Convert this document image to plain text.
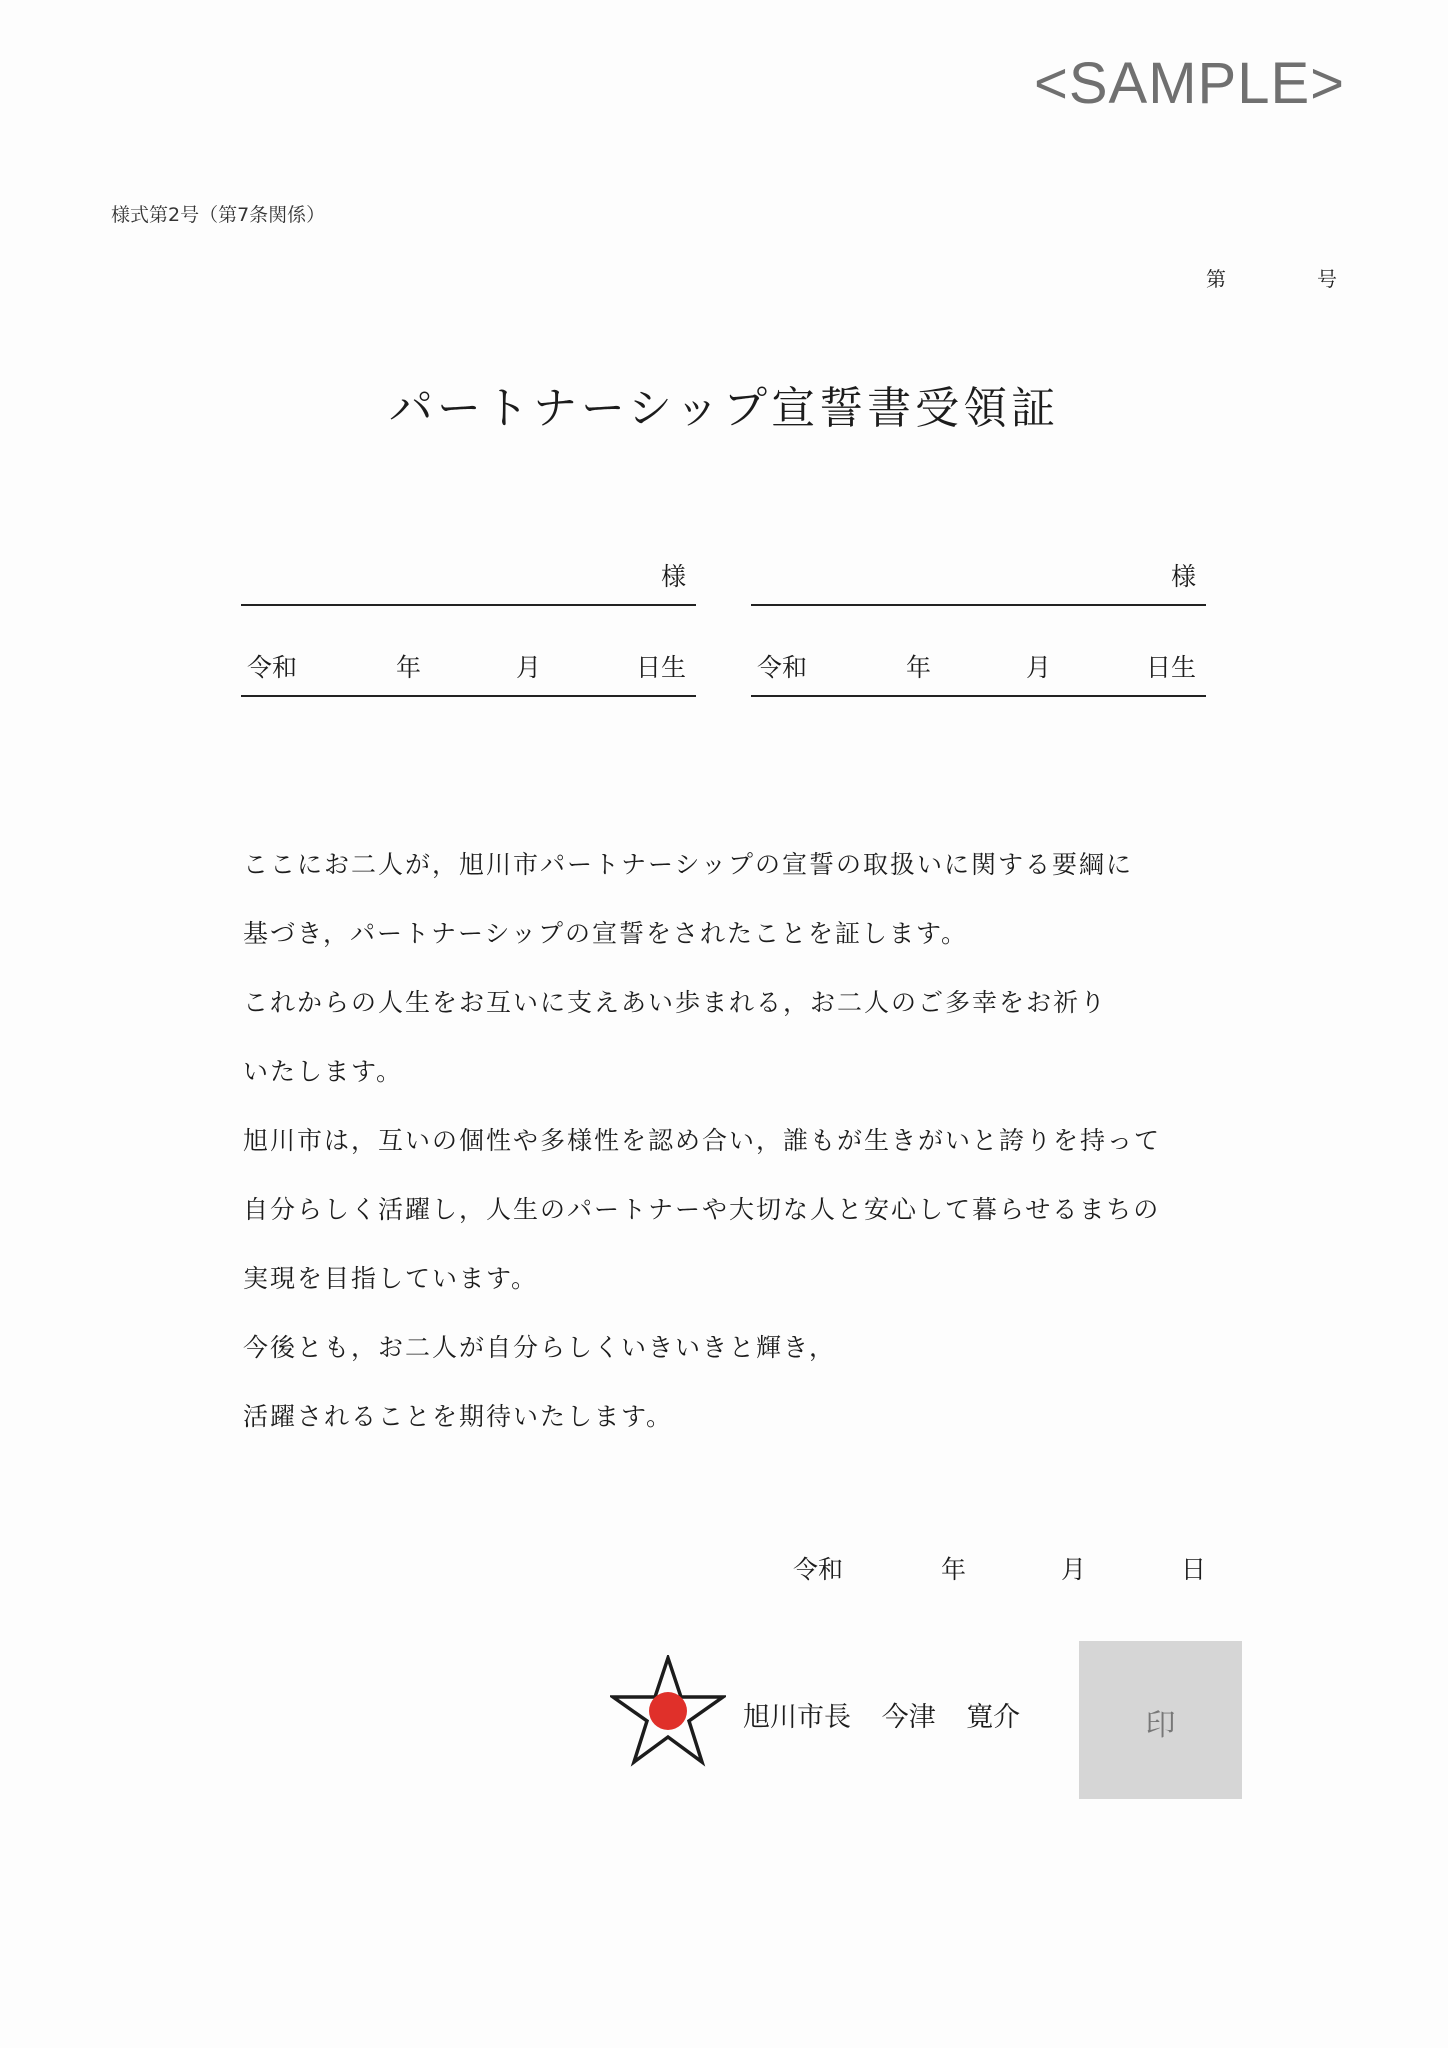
<SAMPLE>
様式第2号（第7条関係）
第	号
パートナーシップ宣誓書受領証
様
令和	年	月	日生
様
令和	年	月	日生

ここにお二人が，旭川市パートナーシップの宣誓の取扱いに関する要綱に

基づき，パートナーシップの宣誓をされたことを証します。

これからの人生をお互いに支えあい歩まれる，お二人のご多幸をお祈り

いたします。

旭川市は，互いの個性や多様性を認め合い，誰もが生きがいと誇りを持って

自分らしく活躍し，人生のパートナーや大切な人と安心して暮らせるまちの

実現を目指しています。

今後とも，お二人が自分らしくいきいきと輝き，

活躍されることを期待いたします。

令和	年	月	日
旭川市長 今津 寛介	印
